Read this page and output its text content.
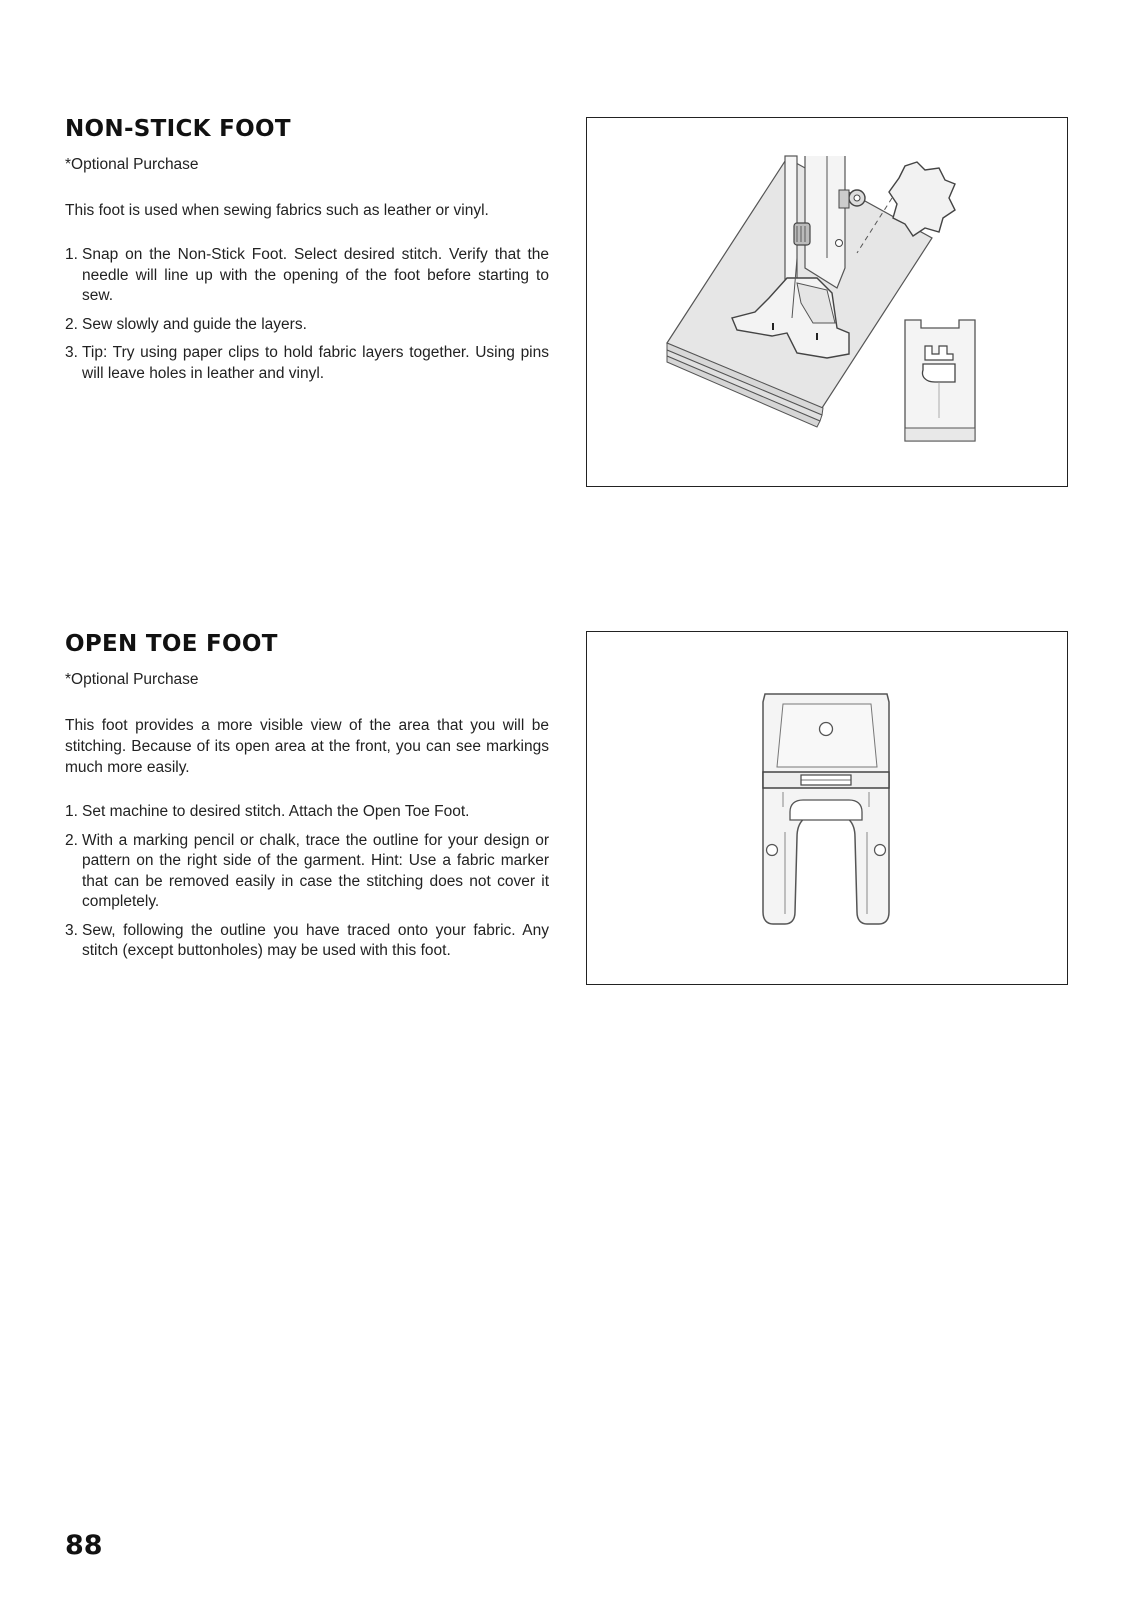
NON-STICK FOOT

*Optional Purchase

This foot is used when sewing fabrics such as leather or vinyl.

1. Snap on the Non-Stick Foot. Select desired stitch. Verify that the needle will line up with the opening of the foot before starting to sew.
2. Sew slowly and guide the layers.
3. Tip: Try using paper clips to hold fabric layers together. Using pins will leave holes in leather and vinyl.
OPEN TOE FOOT

*Optional Purchase

This foot provides a more visible view of the area that you will be stitching. Because of its open area at the front, you can see markings much more easily.

1. Set machine to desired stitch. Attach the Open Toe Foot.
2. With a marking pencil or chalk, trace the outline for your design or pattern on the right side of the garment. Hint: Use a fabric marker that can be removed easily in case the stitching does not cover it completely.
3. Sew, following the outline you have traced onto your fabric. Any stitch (except buttonholes) may be used with this foot.
88
